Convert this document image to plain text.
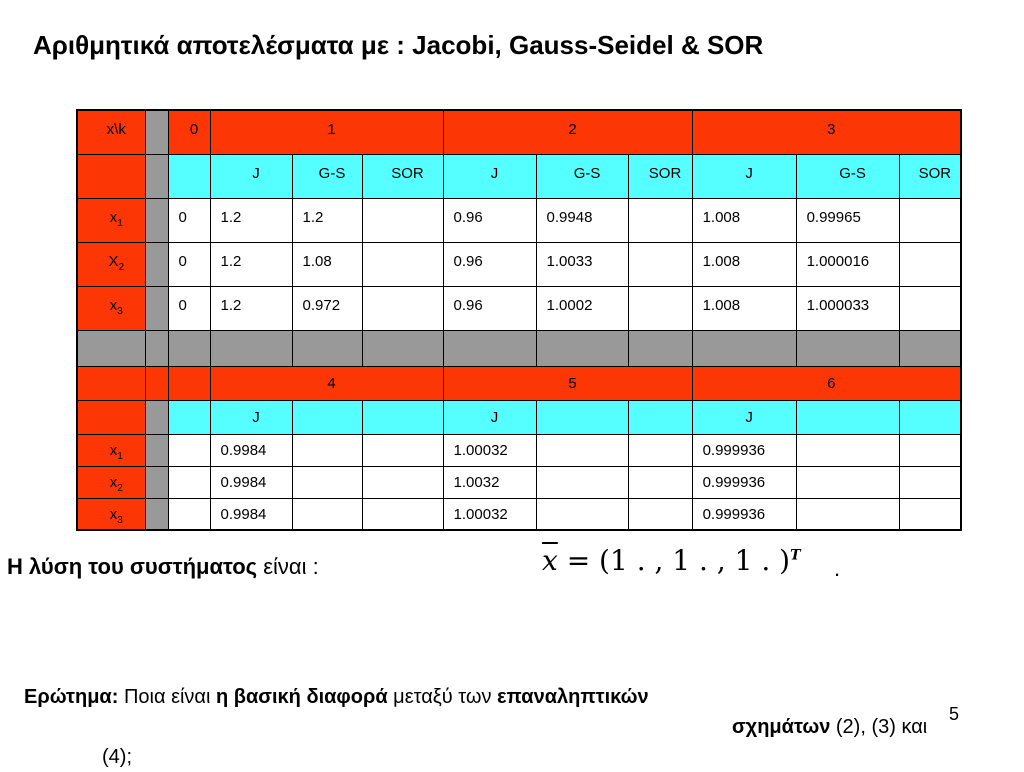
Αριθμητικά αποτελέσματα με : Jacobi, Gauss-Seidel & SOR
x\k		0	1			2			3		
			J	G-S	SOR	J	G-S	SOR	J	G-S	SOR
$x_1$		0	1.2	1.2		0.96	0.9948		1.008	0.99965	
$X_2$		0	1.2	1.08		0.96	1.0033		1.008	1.000016	
$x_3$		0	1.2	0.972		0.96	1.0002		1.008	1.000033	

			4			5			6		
			J			J			J		
$x_1$			0.9984			1.00032			0.999936		
$x_2$			0.9984			1.0032			0.999936		
$x_3$			0.9984			1.00032			0.999936		
Η λύση του συστήματος είναι :	$\overline{x} = (1$ . , 1 . , 1 . )$^T$
.
Ερώτημα: Ποια είναι η βασική διαφορά μεταξύ των επαναληπτικών
σχημάτων (2), (3) και
(4);
5
